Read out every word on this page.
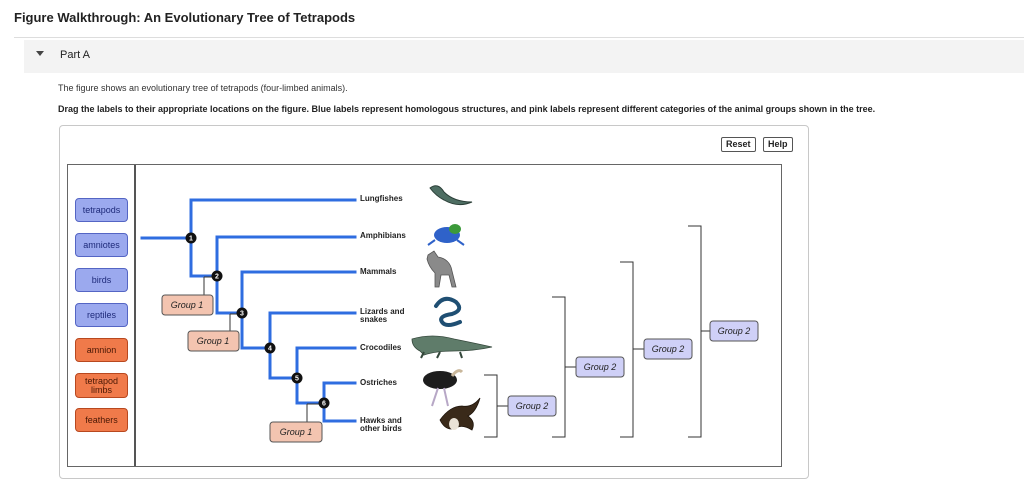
Figure Walkthrough: An Evolutionary Tree of Tetrapods
Part A
The figure shows an evolutionary tree of tetrapods (four-limbed animals).
Drag the labels to their appropriate locations on the figure. Blue labels represent homologous structures, and pink labels represent different categories of the animal groups shown in the tree.
Reset	Help
tetrapods
amniotes
birds
reptiles
amnion
tetrapod limbs
feathers
Group 1
Group 1
Group 1
Group 2
Group 2
Group 2
Group 2
1
2
3
4
5
6
Lungfishes
Amphibians
Mammals
Lizards and snakes
Crocodiles
Ostriches
Hawks and other birds
